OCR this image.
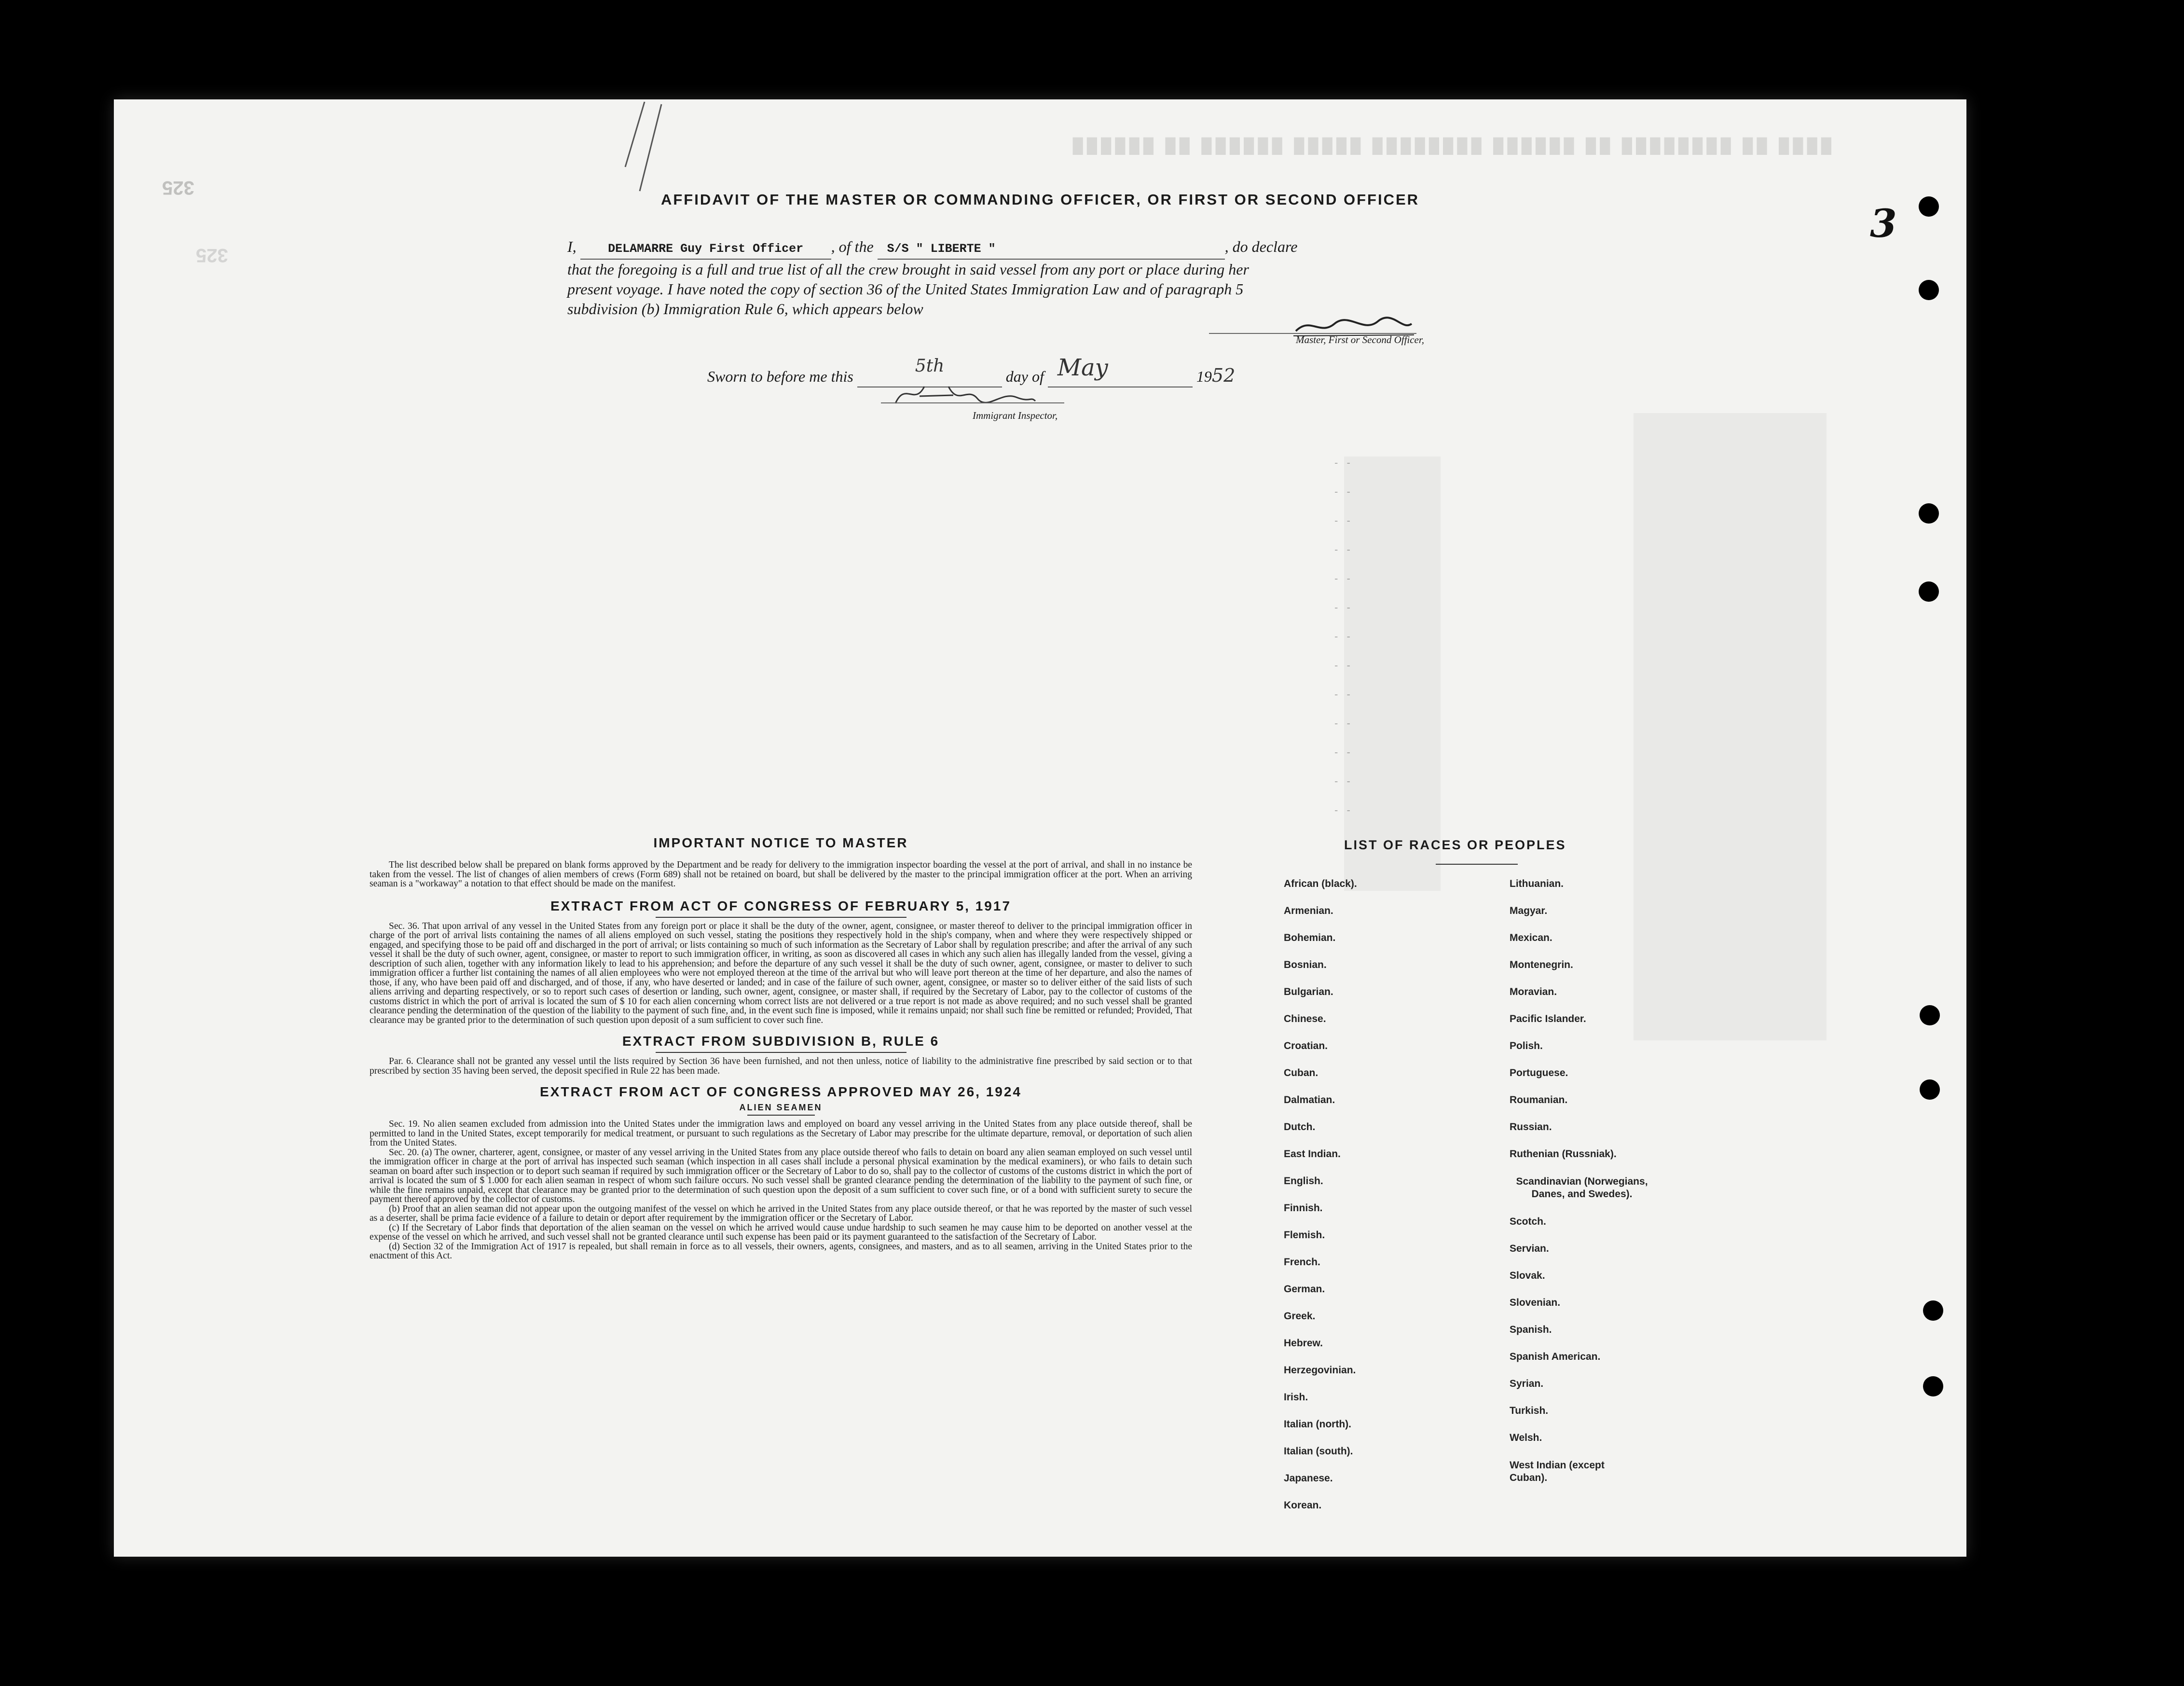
████ ██ ████████ ██ ██████ ████████ █████ ██████ ██ ██████
325
325
3
AFFIDAVIT OF THE MASTER OR COMMANDING OFFICER, OR FIRST OR SECOND OFFICER
I,	DELAMARRE Guy First Officer , of the S/S " LIBERTE "	, do declare
that the foregoing is a full and true list of all the crew brought in said vessel from any port or place during her
present voyage. I have noted the copy of section 36 of the United States Immigration Law and of paragraph 5
subdivision (b) Immigration Rule 6, which appears below
Master, First or Second Officer,
Sworn to before me this
5th
day of May	1952
Immigrant Inspector,
- -
- -
- -
- -
- -
- -
- -
- -
- -
- -
- -
- -
- -
IMPORTANT NOTICE TO MASTER

The list described below shall be prepared on blank forms approved by the Department and be ready for delivery to the immigration inspector boarding the vessel at the port of arrival, and shall in no instance be taken from the vessel. The list of changes of alien members of crews (Form 689) shall not be retained on board, but shall be delivered by the master to the principal immigration officer at the port. When an arriving seaman is a "workaway" a notation to that effect should be made on the manifest.

EXTRACT FROM ACT OF CONGRESS OF FEBRUARY 5, 1917

Sec. 36. That upon arrival of any vessel in the United States from any foreign port or place it shall be the duty of the owner, agent, consignee, or master thereof to deliver to the principal immigration officer in charge of the port of arrival lists containing the names of all aliens employed on such vessel, stating the positions they respectively hold in the ship's company, when and where they were respectively shipped or engaged, and specifying those to be paid off and discharged in the port of arrival; or lists containing so much of such information as the Secretary of Labor shall by regulation prescribe; and after the arrival of any such vessel it shall be the duty of such owner, agent, consignee, or master to report to such immigration officer, in writing, as soon as discovered all cases in which any such alien has illegally landed from the vessel, giving a description of such alien, together with any information likely to lead to his apprehension; and before the departure of any such vessel it shall be the duty of such owner, agent, consignee, or master to deliver to such immigration officer a further list containing the names of all alien employees who were not employed thereon at the time of the arrival but who will leave port thereon at the time of her departure, and also the names of those, if any, who have been paid off and discharged, and of those, if any, who have deserted or landed; and in case of the failure of such owner, agent, consignee, or master so to deliver either of the said lists of such aliens arriving and departing respectively, or so to report such cases of desertion or landing, such owner, agent, consignee, or master shall, if required by the Secretary of Labor, pay to the collector of customs of the customs district in which the port of arrival is located the sum of $ 10 for each alien concerning whom correct lists are not delivered or a true report is not made as above required; and no such vessel shall be granted clearance pending the determination of the question of the liability to the payment of such fine, and, in the event such fine is imposed, while it remains unpaid; nor shall such fine be remitted or refunded; Provided, That clearance may be granted prior to the determination of such question upon deposit of a sum sufficient to cover such fine.

EXTRACT FROM SUBDIVISION B, RULE 6

Par. 6. Clearance shall not be granted any vessel until the lists required by Section 36 have been furnished, and not then unless, notice of liability to the administrative fine prescribed by said section or to that prescribed by section 35 having been served, the deposit specified in Rule 22 has been made.

EXTRACT FROM ACT OF CONGRESS APPROVED MAY 26, 1924
ALIEN SEAMEN

Sec. 19. No alien seamen excluded from admission into the United States under the immigration laws and employed on board any vessel arriving in the United States from any place outside thereof, shall be permitted to land in the United States, except temporarily for medical treatment, or pursuant to such regulations as the Secretary of Labor may prescribe for the ultimate departure, removal, or deportation of such alien from the United States.

Sec. 20. (a) The owner, charterer, agent, consignee, or master of any vessel arriving in the United States from any place outside thereof who fails to detain on board any alien seaman employed on such vessel until the immigration officer in charge at the port of arrival has inspected such seaman (which inspection in all cases shall include a personal physical examination by the medical examiners), or who fails to detain such seaman on board after such inspection or to deport such seaman if required by such immigration officer or the Secretary of Labor to do so, shall pay to the collector of customs of the customs district in which the port of arrival is located the sum of $ 1.000 for each alien seaman in respect of whom such failure occurs. No such vessel shall be granted clearance pending the determination of the liability to the payment of such fine, or while the fine remains unpaid, except that clearance may be granted prior to the determination of such question upon the deposit of a sum sufficient to cover such fine, or of a bond with sufficient surety to secure the payment thereof approved by the collector of customs.

(b) Proof that an alien seaman did not appear upon the outgoing manifest of the vessel on which he arrived in the United States from any place outside thereof, or that he was reported by the master of such vessel as a deserter, shall be prima facie evidence of a failure to detain or deport after requirement by the immigration officer or the Secretary of Labor.

(c) If the Secretary of Labor finds that deportation of the alien seaman on the vessel on which he arrived would cause undue hardship to such seamen he may cause him to be deported on another vessel at the expense of the vessel on which he arrived, and such vessel shall not be granted clearance until such expense has been paid or its payment guaranteed to the satisfaction of the Secretary of Labor.

(d) Section 32 of the Immigration Act of 1917 is repealed, but shall remain in force as to all vessels, their owners, agents, consignees, and masters, and as to all seamen, arriving in the United States prior to the enactment of this Act.

LIST OF RACES OR PEOPLES
African (black).
Armenian.
Bohemian.
Bosnian.
Bulgarian.
Chinese.
Croatian.
Cuban.
Dalmatian.
Dutch.
East Indian.
English.
Finnish.
Flemish.
French.
German.
Greek.
Hebrew.
Herzegovinian.
Irish.
Italian (north).
Italian (south).
Japanese.
Korean.
Lithuanian.
Magyar.
Mexican.
Montenegrin.
Moravian.
Pacific Islander.
Polish.
Portuguese.
Roumanian.
Russian.
Ruthenian (Russniak).
Scandinavian (Norwegians, Danes, and Swedes).
Scotch.
Servian.
Slovak.
Slovenian.
Spanish.
Spanish American.
Syrian.
Turkish.
Welsh.
West Indian (except Cuban).
